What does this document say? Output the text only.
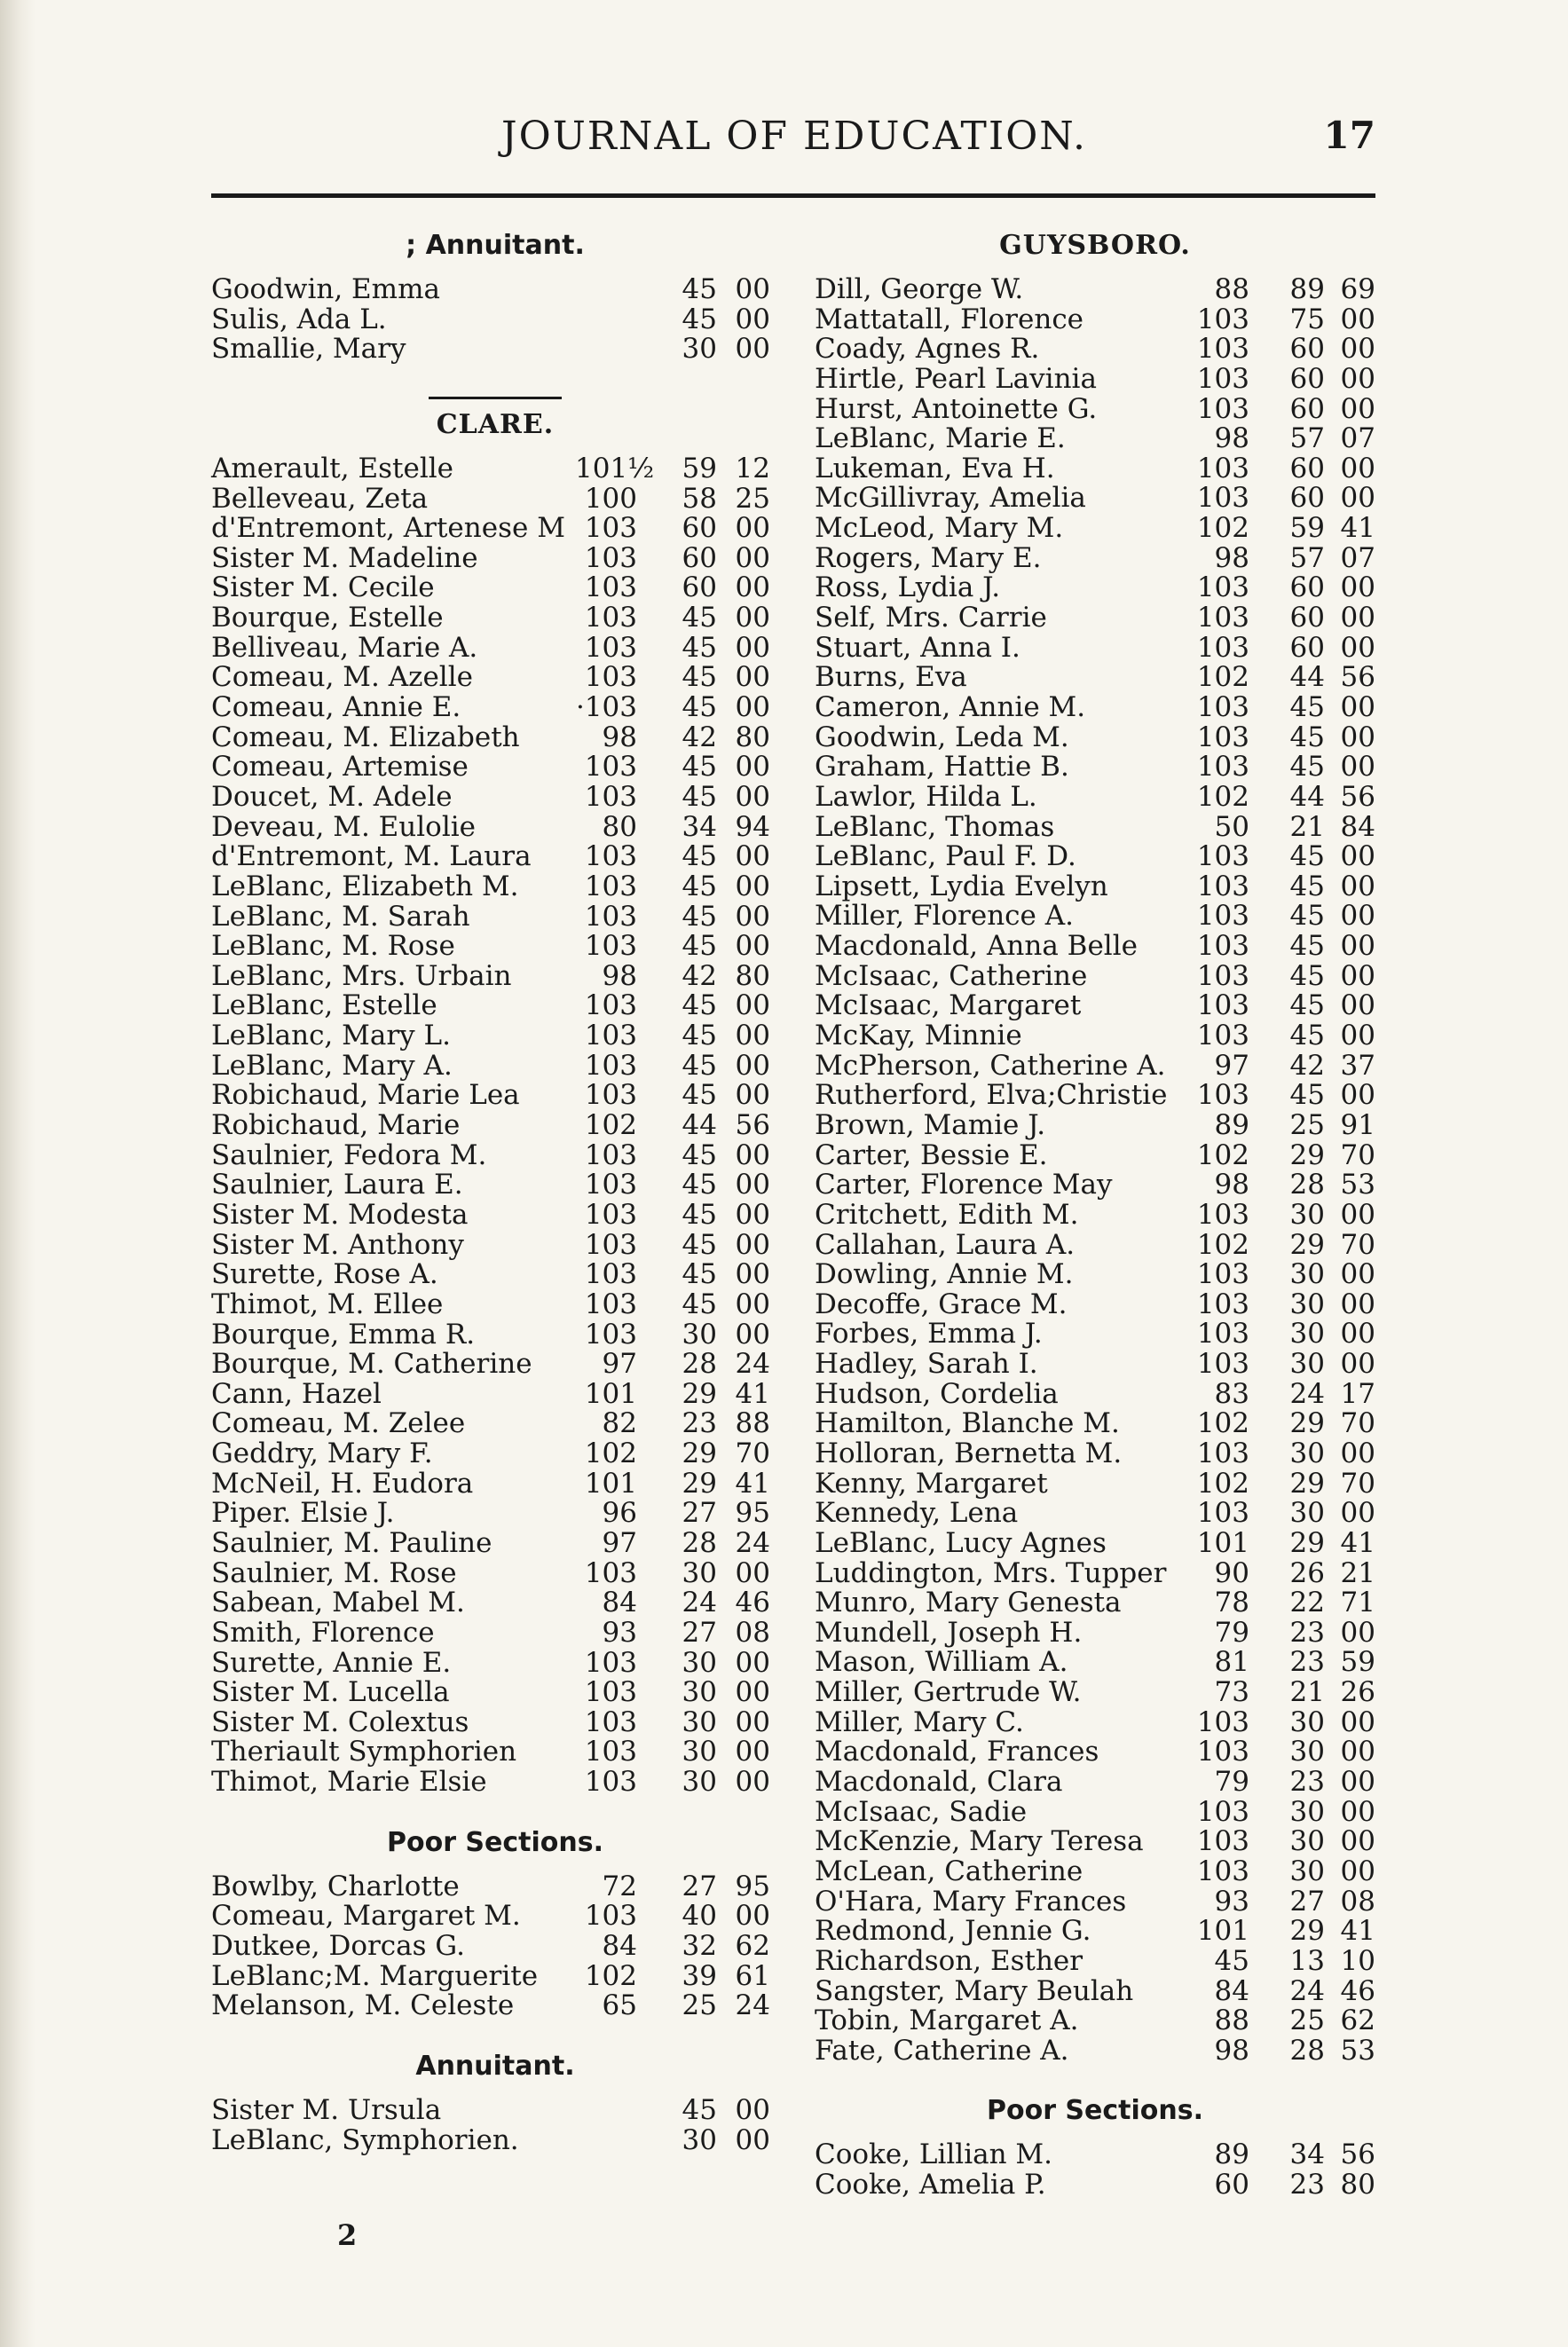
JOURNAL OF EDUCATION.	17
; Annuitant.
Goodwin, Emma	45 00
Sulis, Ada L.	45 00
Smallie, Mary	30 00
CLARE.
Amerault, Estelle	101½ 59 12
Belleveau, Zeta	100 58 25
d'Entremont, Artenese M 103 60 00
Sister M. Madeline	103 60 00
Sister M. Cecile	103 60 00
Bourque, Estelle	103 45 00
Belliveau, Marie A.	103 45 00
Comeau, M. Azelle	103 45 00
Comeau, Annie E.	·103 45 00
Comeau, M. Elizabeth	98 42 80
Comeau, Artemise	103 45 00
Doucet, M. Adele	103 45 00
Deveau, M. Eulolie	80 34 94
d'Entremont, M. Laura	103 45 00
LeBlanc, Elizabeth M.	103 45 00
LeBlanc, M. Sarah	103 45 00
LeBlanc, M. Rose	103 45 00
LeBlanc, Mrs. Urbain	98 42 80
LeBlanc, Estelle	103 45 00
LeBlanc, Mary L.	103 45 00
LeBlanc, Mary A.	103 45 00
Robichaud, Marie Lea	103 45 00
Robichaud, Marie	102 44 56
Saulnier, Fedora M.	103 45 00
Saulnier, Laura E.	103 45 00
Sister M. Modesta	103 45 00
Sister M. Anthony	103 45 00
Surette, Rose A.	103 45 00
Thimot, M. Ellee	103 45 00
Bourque, Emma R.	103 30 00
Bourque, M. Catherine	97 28 24
Cann, Hazel	101 29 41
Comeau, M. Zelee	82 23 88
Geddry, Mary F.	102 29 70
McNeil, H. Eudora	101 29 41
Piper. Elsie J.	96 27 95
Saulnier, M. Pauline	97 28 24
Saulnier, M. Rose	103 30 00
Sabean, Mabel M.	84 24 46
Smith, Florence	93 27 08
Surette, Annie E.	103 30 00
Sister M. Lucella	103 30 00
Sister M. Colextus	103 30 00
Theriault Symphorien	103 30 00
Thimot, Marie Elsie	103 30 00
Poor Sections.
Bowlby, Charlotte	72 27 95
Comeau, Margaret M.	103 40 00
Dutkee, Dorcas G.	84 32 62
LeBlanc;M. Marguerite	102 39 61
Melanson, M. Celeste	65 25 24
Annuitant.
Sister M. Ursula	45 00
LeBlanc, Symphorien.	30 00
GUYSBORO.
Dill, George W.	88 89 69
Mattatall, Florence	103 75 00
Coady, Agnes R.	103 60 00
Hirtle, Pearl Lavinia	103 60 00
Hurst, Antoinette G.	103 60 00
LeBlanc, Marie E.	98 57 07
Lukeman, Eva H.	103 60 00
McGillivray, Amelia	103 60 00
McLeod, Mary M.	102 59 41
Rogers, Mary E.	98 57 07
Ross, Lydia J.	103 60 00
Self, Mrs. Carrie	103 60 00
Stuart, Anna I.	103 60 00
Burns, Eva	102 44 56
Cameron, Annie M.	103 45 00
Goodwin, Leda M.	103 45 00
Graham, Hattie B.	103 45 00
Lawlor, Hilda L.	102 44 56
LeBlanc, Thomas	50 21 84
LeBlanc, Paul F. D.	103 45 00
Lipsett, Lydia Evelyn	103 45 00
Miller, Florence A.	103 45 00
Macdonald, Anna Belle	103 45 00
McIsaac, Catherine	103 45 00
McIsaac, Margaret	103 45 00
McKay, Minnie	103 45 00
McPherson, Catherine A.	97 42 37
Rutherford, Elva;Christie	103 45 00
Brown, Mamie J.	89 25 91
Carter, Bessie E.	102 29 70
Carter, Florence May	98 28 53
Critchett, Edith M.	103 30 00
Callahan, Laura A.	102 29 70
Dowling, Annie M.	103 30 00
Decoffe, Grace M.	103 30 00
Forbes, Emma J.	103 30 00
Hadley, Sarah I.	103 30 00
Hudson, Cordelia	83 24 17
Hamilton, Blanche M.	102 29 70
Holloran, Bernetta M.	103 30 00
Kenny, Margaret	102 29 70
Kennedy, Lena	103 30 00
LeBlanc, Lucy Agnes	101 29 41
Luddington, Mrs. Tupper	90 26 21
Munro, Mary Genesta	78 22 71
Mundell, Joseph H.	79 23 00
Mason, William A.	81 23 59
Miller, Gertrude W.	73 21 26
Miller, Mary C.	103 30 00
Macdonald, Frances	103 30 00
Macdonald, Clara	79 23 00
McIsaac, Sadie	103 30 00
McKenzie, Mary Teresa	103 30 00
McLean, Catherine	103 30 00
O'Hara, Mary Frances	93 27 08
Redmond, Jennie G.	101 29 41
Richardson, Esther	45 13 10
Sangster, Mary Beulah	84 24 46
Tobin, Margaret A.	88 25 62
Fate, Catherine A.	98 28 53
Poor Sections.
Cooke, Lillian M.	89 34 56
Cooke, Amelia P.	60 23 80
2
